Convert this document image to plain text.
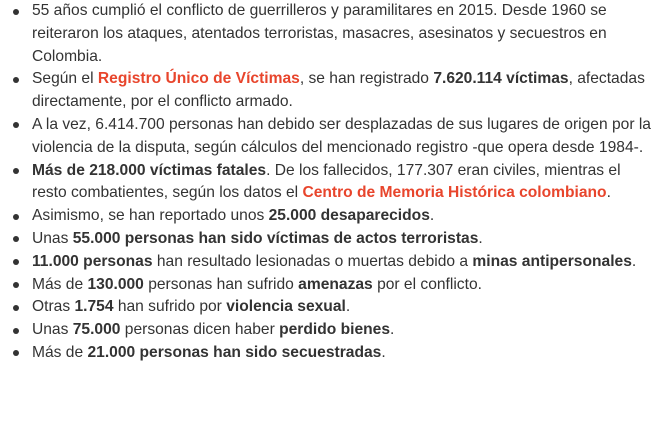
55 años cumplió el conflicto de guerrilleros y paramilitares en 2015. Desde 1960 se reiteraron los ataques, atentados terroristas, masacres, asesinatos y secuestros en Colombia.
Según el Registro Único de Víctimas, se han registrado 7.620.114 víctimas, afectadas directamente, por el conflicto armado.
A la vez, 6.414.700 personas han debido ser desplazadas de sus lugares de origen por la violencia de la disputa, según cálculos del mencionado registro -que opera desde 1984-.
Más de 218.000 víctimas fatales. De los fallecidos, 177.307 eran civiles, mientras el resto combatientes, según los datos el Centro de Memoria Histórica colombiano.
Asimismo, se han reportado unos 25.000 desaparecidos.
Unas 55.000 personas han sido víctimas de actos terroristas.
11.000 personas han resultado lesionadas o muertas debido a minas antipersonales.
Más de 130.000 personas han sufrido amenazas por el conflicto.
Otras 1.754 han sufrido por violencia sexual.
Unas 75.000 personas dicen haber perdido bienes.
Más de 21.000 personas han sido secuestradas.
